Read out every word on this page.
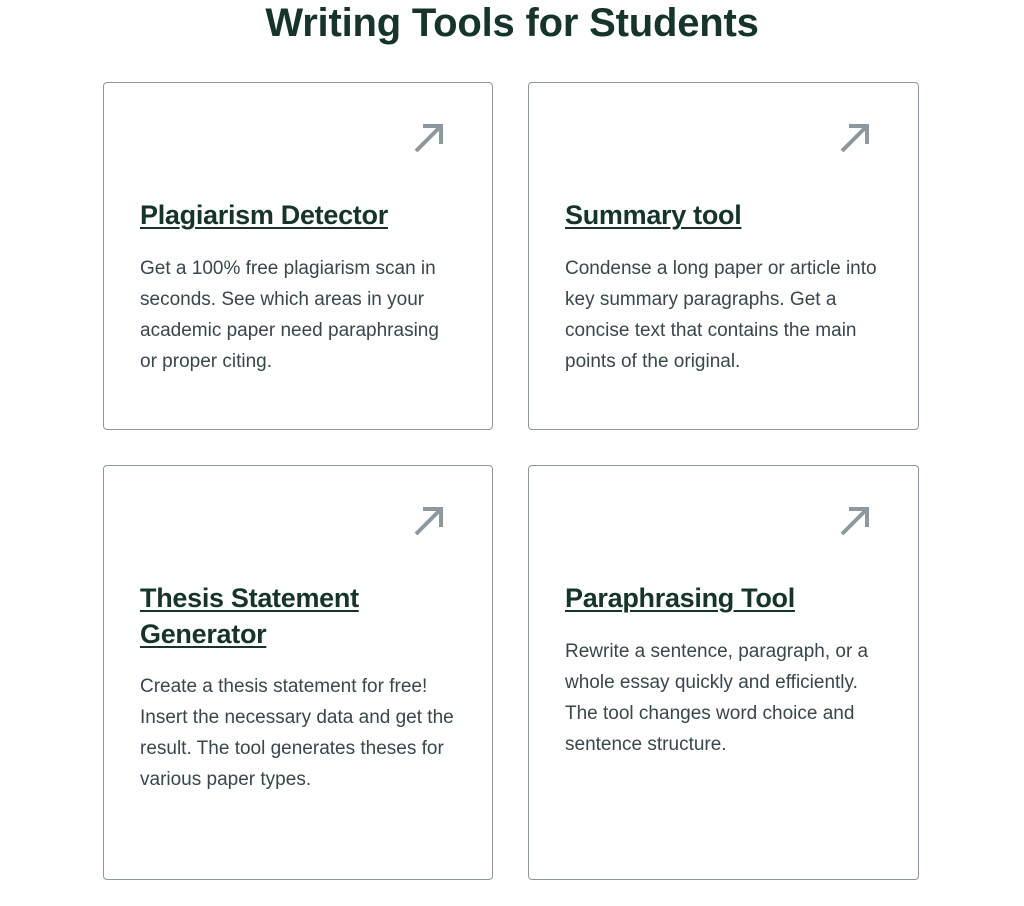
Writing Tools for Students
Plagiarism Detector

Get a 100% free plagiarism scan in seconds. See which areas in your academic paper need paraphrasing or proper citing.

Summary tool

Condense a long paper or article into key summary paragraphs. Get a concise text that contains the main points of the original.

Thesis Statement Generator

Create a thesis statement for free! Insert the necessary data and get the result. The tool generates theses for various paper types.

Paraphrasing Tool

Rewrite a sentence, paragraph, or a whole essay quickly and efficiently. The tool changes word choice and sentence structure.
